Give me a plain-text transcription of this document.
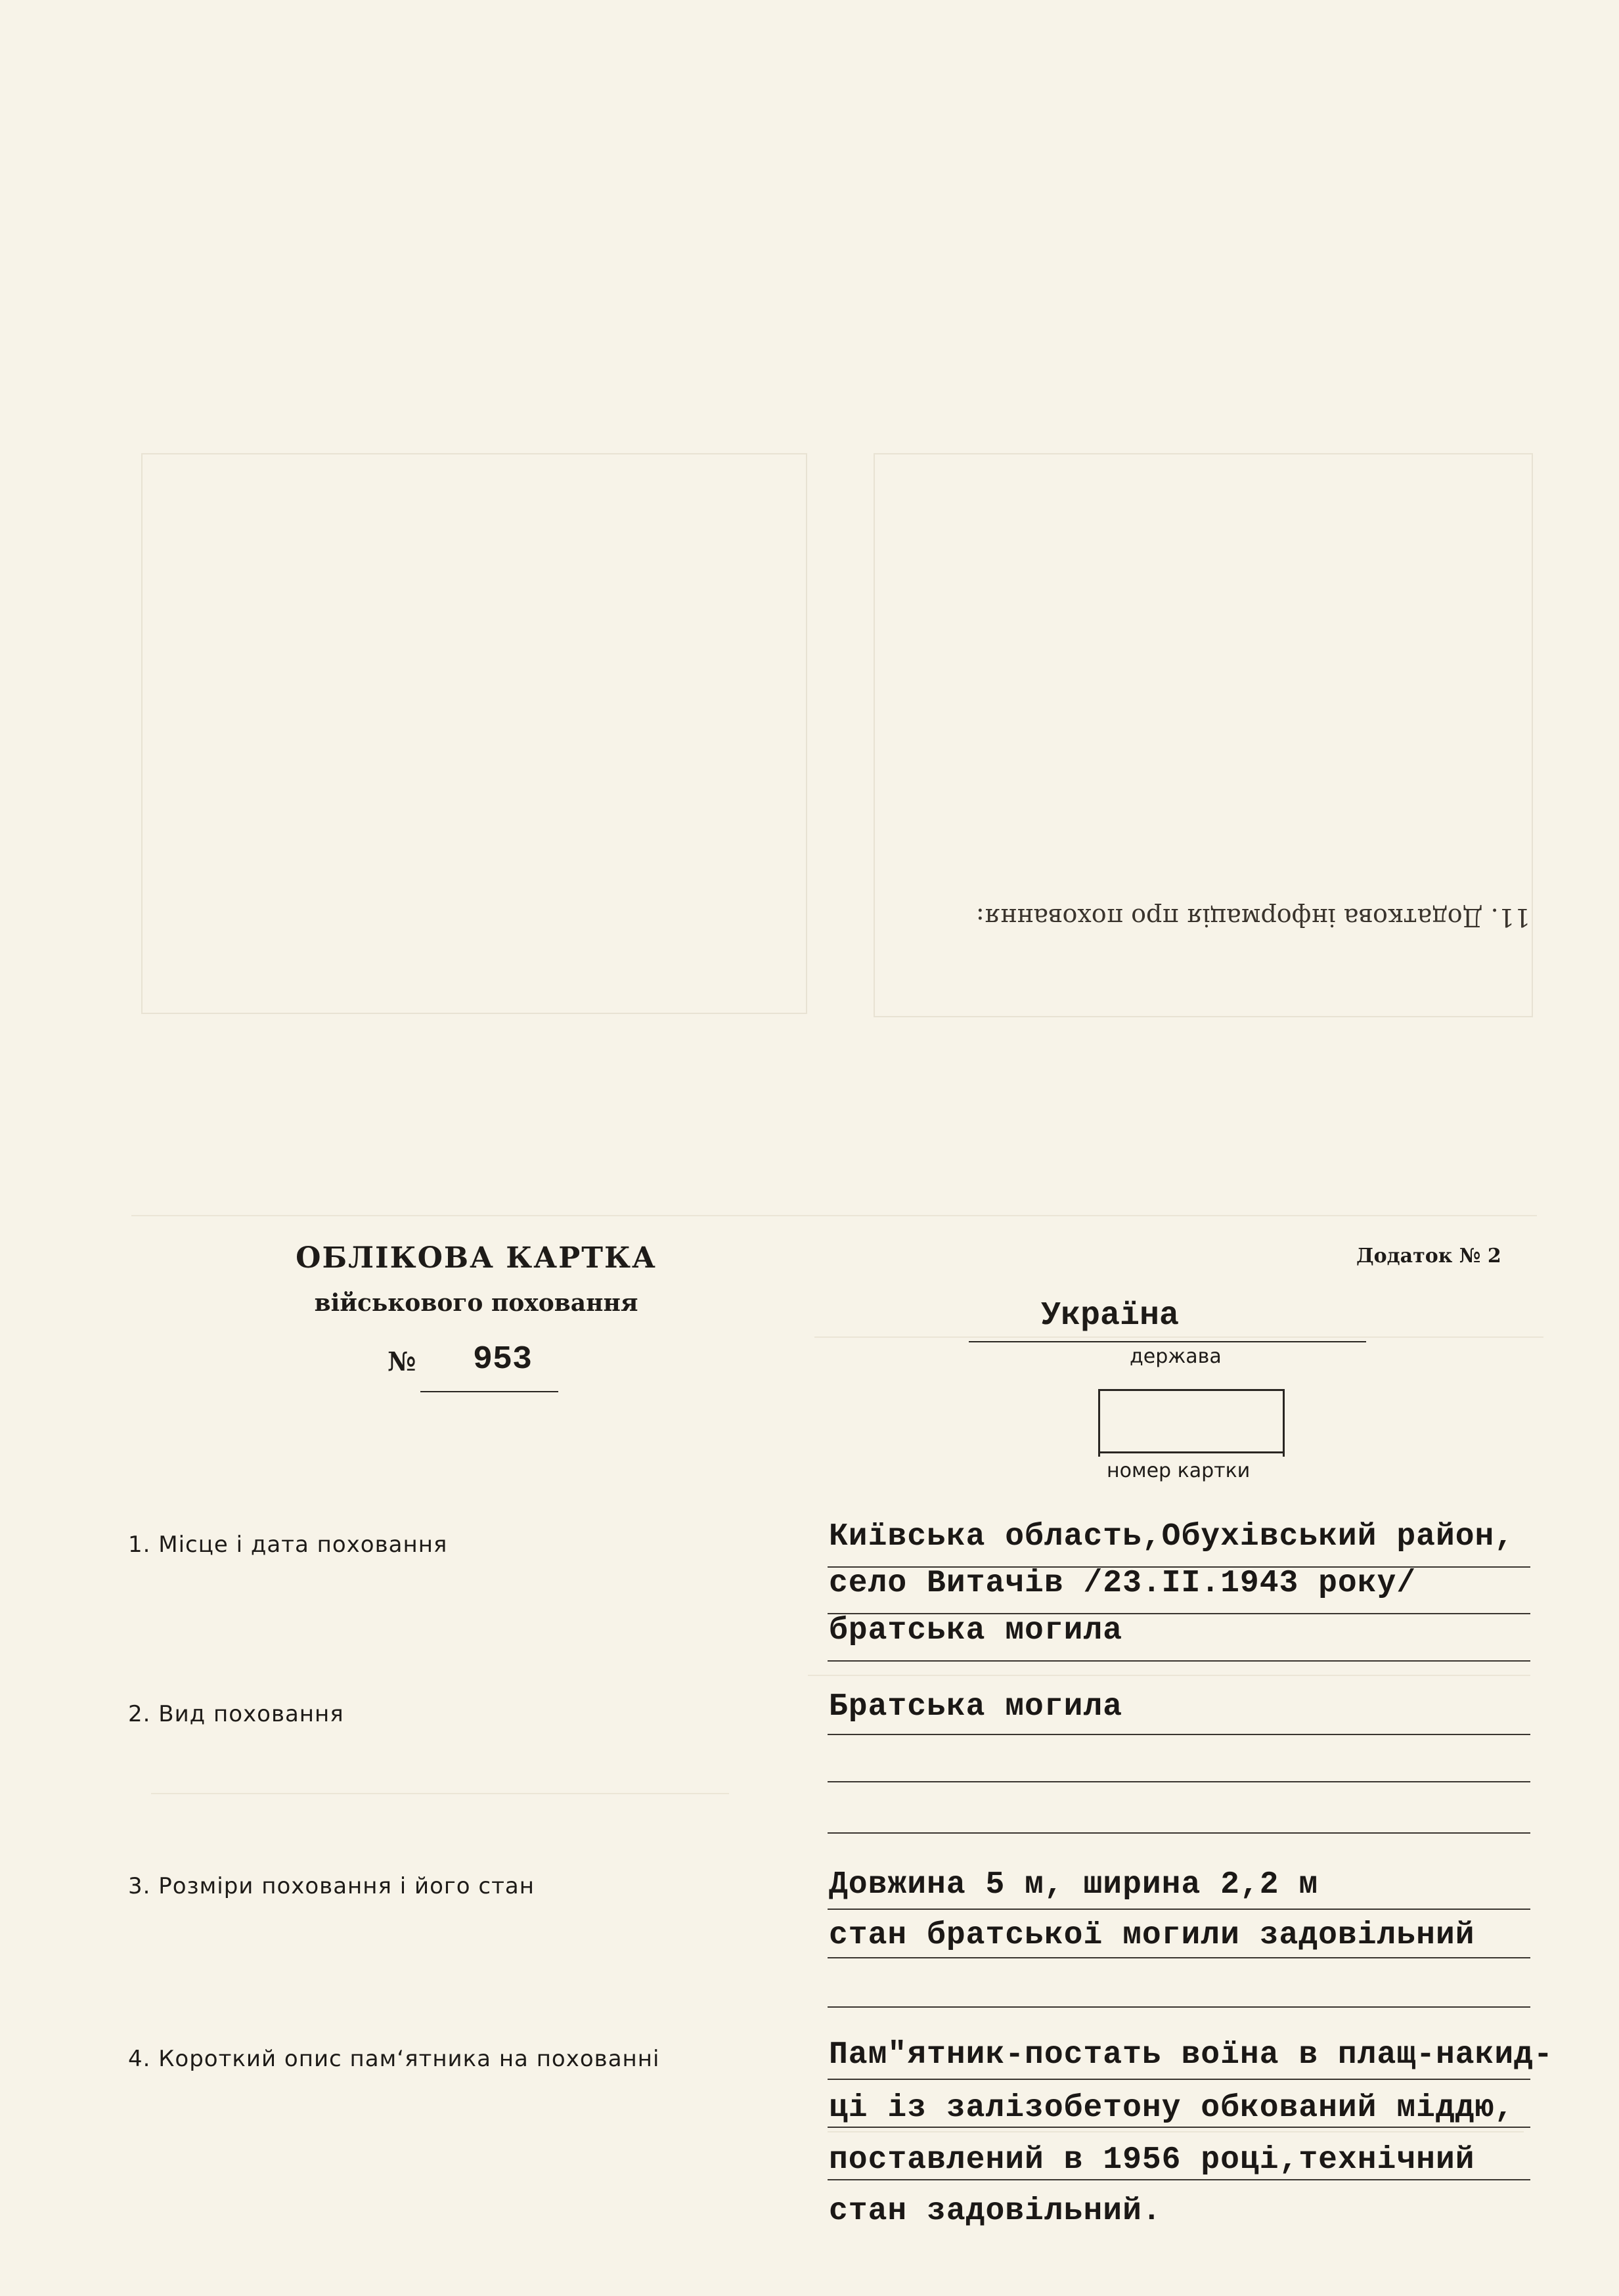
11. Додаткова інформація про поховання:
ОБЛІКОВА КАРТКА
військового поховання
№	953
Додаток № 2
Україна
держава
номер картки
1. Місце і дата поховання	Київська область,Обухівський район,
село Витачів /23.II.1943 року/
братська могила
2. Вид поховання	Братська могила
3. Розміри поховання і його стан	Довжина 5 м, ширина 2,2 м
стан братської могили задовільний
4. Короткий опис пам‘ятника на похованні	Пам"ятник-постать воїна в плащ-накид-
ці із залізобетону обкований міддю,
поставлений в 1956 році,технічний
стан задовільний.
